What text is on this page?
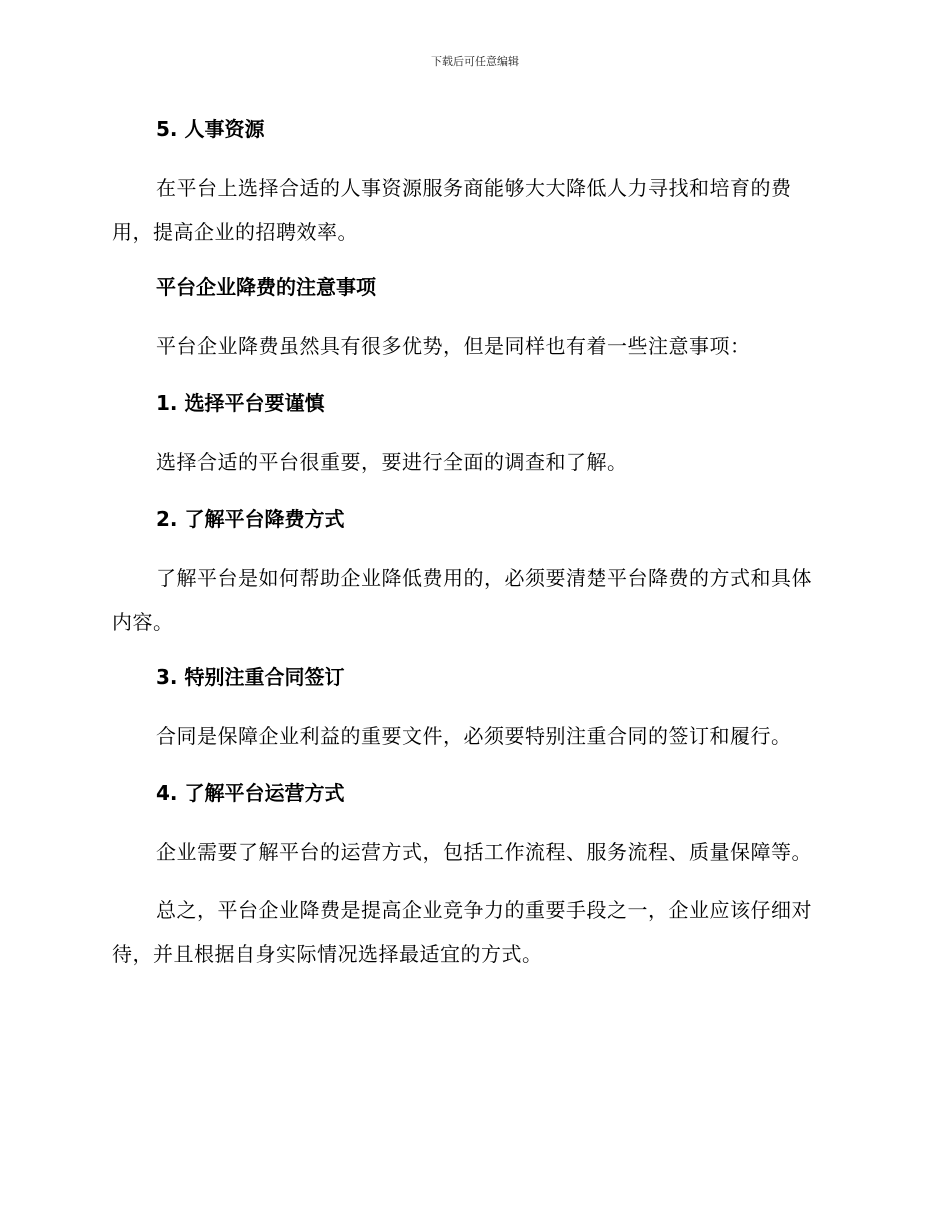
下载后可任意编辑
5. 人事资源
在平台上选择合适的人事资源服务商能够大大降低人力寻找和培育的费用，提高企业的招聘效率。
平台企业降费的注意事项
平台企业降费虽然具有很多优势，但是同样也有着一些注意事项：
1. 选择平台要谨慎
选择合适的平台很重要，要进行全面的调查和了解。
2. 了解平台降费方式
了解平台是如何帮助企业降低费用的，必须要清楚平台降费的方式和具体内容。
3. 特别注重合同签订
合同是保障企业利益的重要文件，必须要特别注重合同的签订和履行。
4. 了解平台运营方式
企业需要了解平台的运营方式，包括工作流程、服务流程、质量保障等。
总之，平台企业降费是提高企业竞争力的重要手段之一，企业应该仔细对待，并且根据自身实际情况选择最适宜的方式。
